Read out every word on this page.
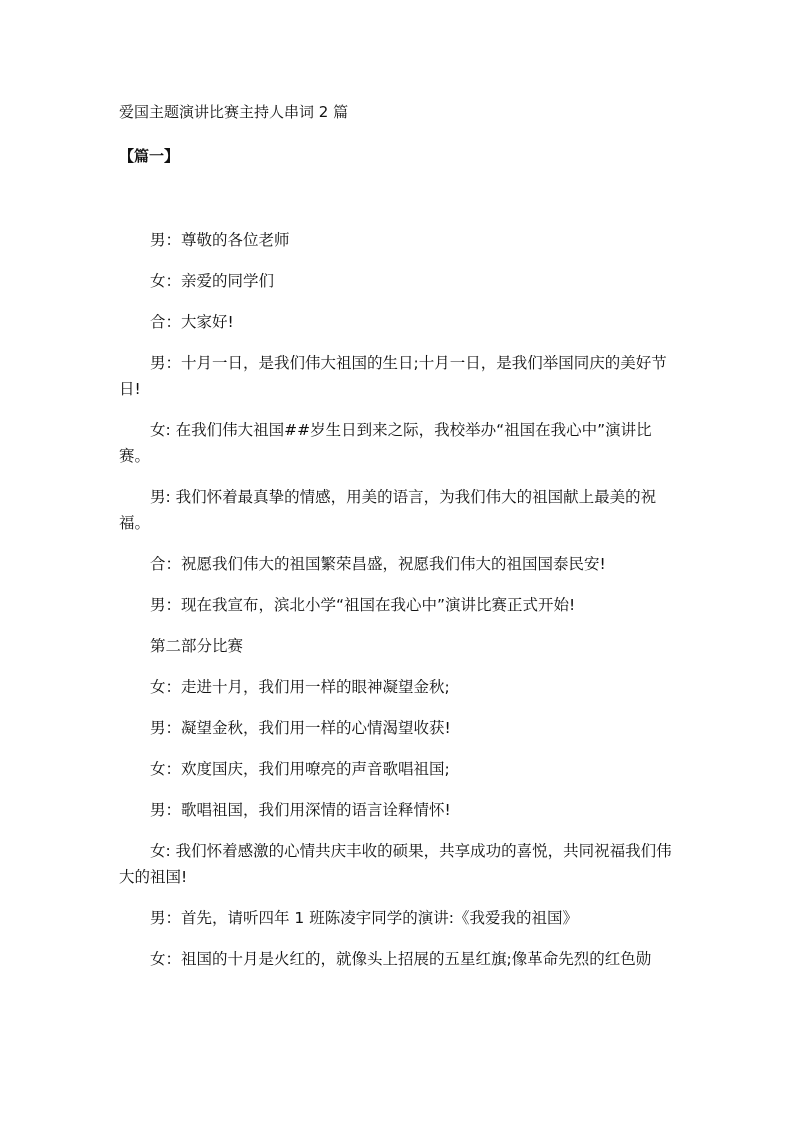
爱国主题演讲比赛主持人串词 2 篇
【篇一】

男：尊敬的各位老师

女：亲爱的同学们

合：大家好!

男：十月一日，是我们伟大祖国的生日;十月一日，是我们举国同庆的美好节日!

女: 在我们伟大祖国##岁生日到来之际，我校举办“祖国在我心中”演讲比赛。

男: 我们怀着最真挚的情感，用美的语言，为我们伟大的祖国献上最美的祝福。

合：祝愿我们伟大的祖国繁荣昌盛，祝愿我们伟大的祖国国泰民安!

男：现在我宣布，滨北小学“祖国在我心中”演讲比赛正式开始!

第二部分比赛

女：走进十月，我们用一样的眼神凝望金秋;

男：凝望金秋，我们用一样的心情渴望收获!

女：欢度国庆，我们用嘹亮的声音歌唱祖国;

男：歌唱祖国，我们用深情的语言诠释情怀!

女: 我们怀着感激的心情共庆丰收的硕果，共享成功的喜悦，共同祝福我们伟大的祖国!

男：首先，请听四年 1 班陈凌宇同学的演讲:《我爱我的祖国》

女：祖国的十月是火红的，就像头上招展的五星红旗;像革命先烈的红色勋
